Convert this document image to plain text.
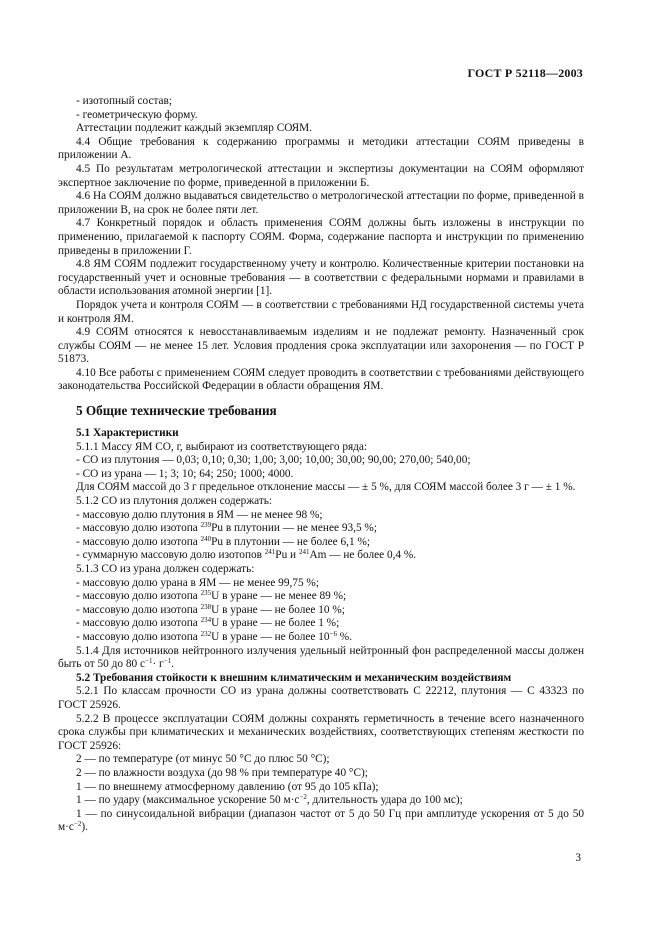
ГОСТ Р 52118—2003

- изотопный состав;

- геометрическую форму.

Аттестации подлежит каждый экземпляр СОЯМ.

4.4 Общие требования к содержанию программы и методики аттестации СОЯМ приведены в приложении А.

4.5 По результатам метрологической аттестации и экспертизы документации на СОЯМ оформляют экспертное заключение по форме, приведенной в приложении Б.

4.6 На СОЯМ должно выдаваться свидетельство о метрологической аттестации по форме, приведенной в приложении В, на срок не более пяти лет.

4.7 Конкретный порядок и область применения СОЯМ должны быть изложены в инструкции по применению, прилагаемой к паспорту СОЯМ. Форма, содержание паспорта и инструкции по применению приведены в приложении Г.

4.8 ЯМ СОЯМ подлежит государственному учету и контролю. Количественные критерии постановки на государственный учет и основные требования — в соответствии с федеральными нормами и правилами в области использования атомной энергии [1].

Порядок учета и контроля СОЯМ — в соответствии с требованиями НД государственной системы учета и контроля ЯМ.

4.9 СОЯМ относятся к невосстанавливаемым изделиям и не подлежат ремонту. Назначенный срок службы СОЯМ — не менее 15 лет. Условия продления срока эксплуатации или захоронения — по ГОСТ Р 51873.

4.10 Все работы с применением СОЯМ следует проводить в соответствии с требованиями действующего законодательства Российской Федерации в области обращения ЯМ.

5 Общие технические требования

5.1 Характеристики

5.1.1 Массу ЯМ СО, г, выбирают из соответствующего ряда:

- СО из плутония — 0,03; 0,10; 0,30; 1,00; 3,00; 10,00; 30,00; 90,00; 270,00; 540,00;

- СО из урана — 1; 3; 10; 64; 250; 1000; 4000.

Для СОЯМ массой до 3 г предельное отклонение массы — ± 5 %, для СОЯМ массой более 3 г — ± 1 %.

5.1.2 СО из плутония должен содержать:

- массовую долю плутония в ЯМ — не менее 98 %;

- массовую долю изотопа $^{239}$Pu в плутонии — не менее 93,5 %;

- массовую долю изотопа $^{240}$Pu в плутонии — не более 6,1 %;

- суммарную массовую долю изотопов $^{241}$Pu и $^{241}$Am — не более 0,4 %.

5.1.3 СО из урана должен содержать:

- массовую долю урана в ЯМ — не менее 99,75 %;

- массовую долю изотопа $^{235}$U в уране — не менее 89 %;

- массовую долю изотопа $^{238}$U в уране — не более 10 %;

- массовую долю изотопа $^{234}$U в уране — не более 1 %;

- массовую долю изотопа $^{232}$U в уране — не более $10^{-6}$ %.

5.1.4 Для источников нейтронного излучения удельный нейтронный фон распределенной массы должен быть от 50 до 80 $с^{-1}\cdot г^{-1}$.

5.2 Требования стойкости к внешним климатическим и механическим воздействиям

5.2.1 По классам прочности СО из урана должны соответствовать С 22212, плутония — С 43323 по ГОСТ 25926.

5.2.2 В процессе эксплуатации СОЯМ должны сохранять герметичность в течение всего назначенного срока службы при климатических и механических воздействиях, соответствующих степеням жесткости по ГОСТ 25926:

2 — по температуре (от минус 50 °С до плюс 50 °С);

2 — по влажности воздуха (до 98 % при температуре 40 °С);

1 — по внешнему атмосферному давлению (от 95 до 105 кПа);

1 — по удару (максимальное ускорение 50 $м\cdot с^{-2}$, длительность удара до 100 мс);

1 — по синусоидальной вибрации (диапазон частот от 5 до 50 Гц при амплитуде ускорения от 5 до 50 $м\cdot с^{-2}$).

3
